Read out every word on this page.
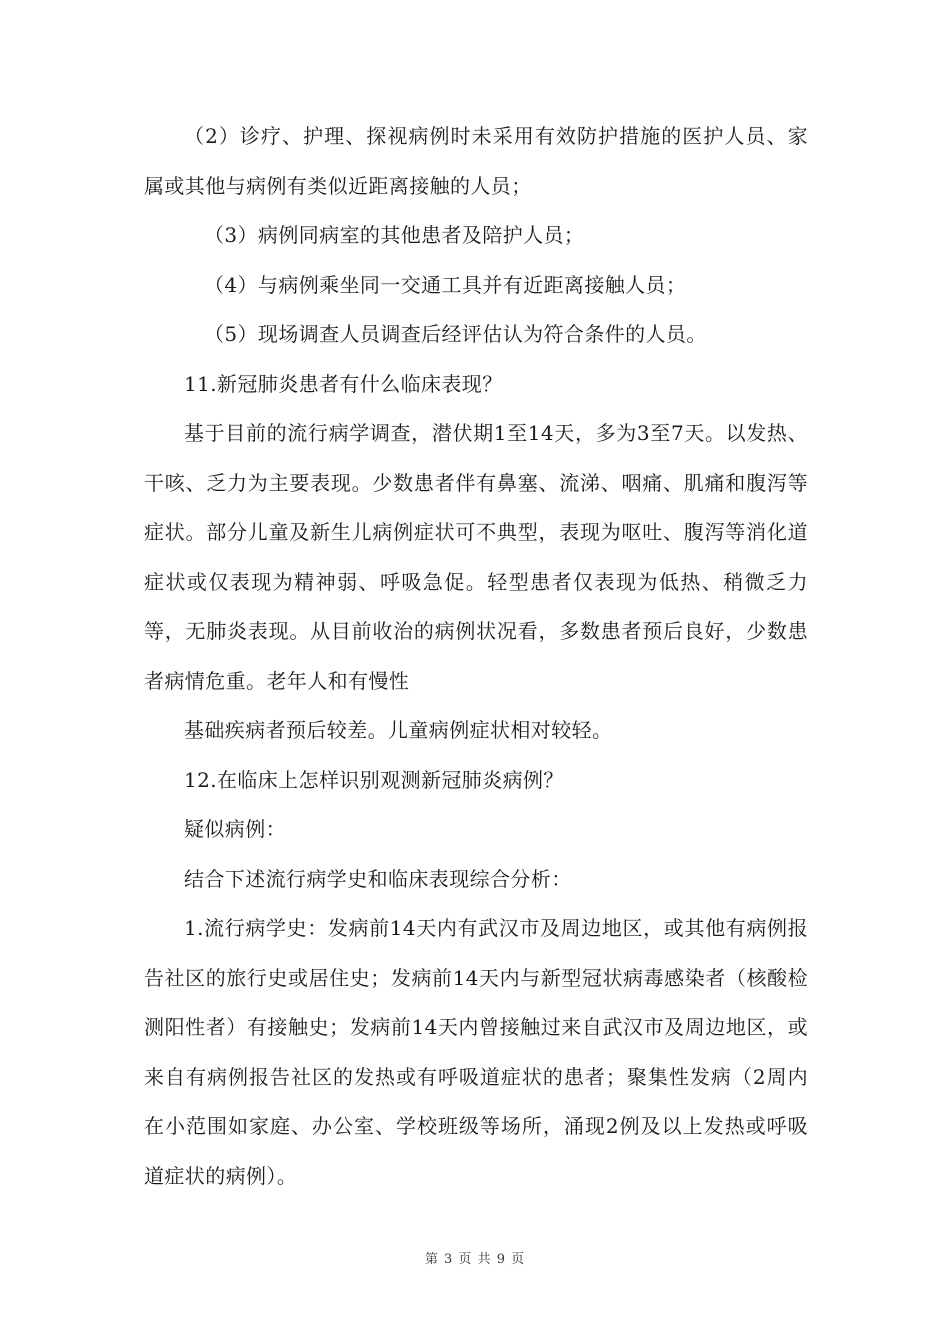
（2）诊疗、护理、探视病例时未采用有效防护措施的医护人员、家属或其他与病例有类似近距离接触的人员；

（3）病例同病室的其他患者及陪护人员；

（4）与病例乘坐同一交通工具并有近距离接触人员；

（5）现场调查人员调查后经评估认为符合条件的人员。

11.新冠肺炎患者有什么临床表现？

基于目前的流行病学调查，潜伏期1至14天，多为3至7天。以发热、干咳、乏力为主要表现。少数患者伴有鼻塞、流涕、咽痛、肌痛和腹泻等症状。部分儿童及新生儿病例症状可不典型，表现为呕吐、腹泻等消化道症状或仅表现为精神弱、呼吸急促。轻型患者仅表现为低热、稍微乏力等，无肺炎表现。从目前收治的病例状况看，多数患者预后良好，少数患者病情危重。老年人和有慢性

基础疾病者预后较差。儿童病例症状相对较轻。

12.在临床上怎样识别观测新冠肺炎病例？

疑似病例：

结合下述流行病学史和临床表现综合分析：

1.流行病学史：发病前14天内有武汉市及周边地区，或其他有病例报告社区的旅行史或居住史；发病前14天内与新型冠状病毒感染者（核酸检测阳性者）有接触史；发病前14天内曾接触过来自武汉市及周边地区，或来自有病例报告社区的发热或有呼吸道症状的患者；聚集性发病（2周内在小范围如家庭、办公室、学校班级等场所，涌现2例及以上发热或呼吸道症状的病例）。

第 3 页 共 9 页
